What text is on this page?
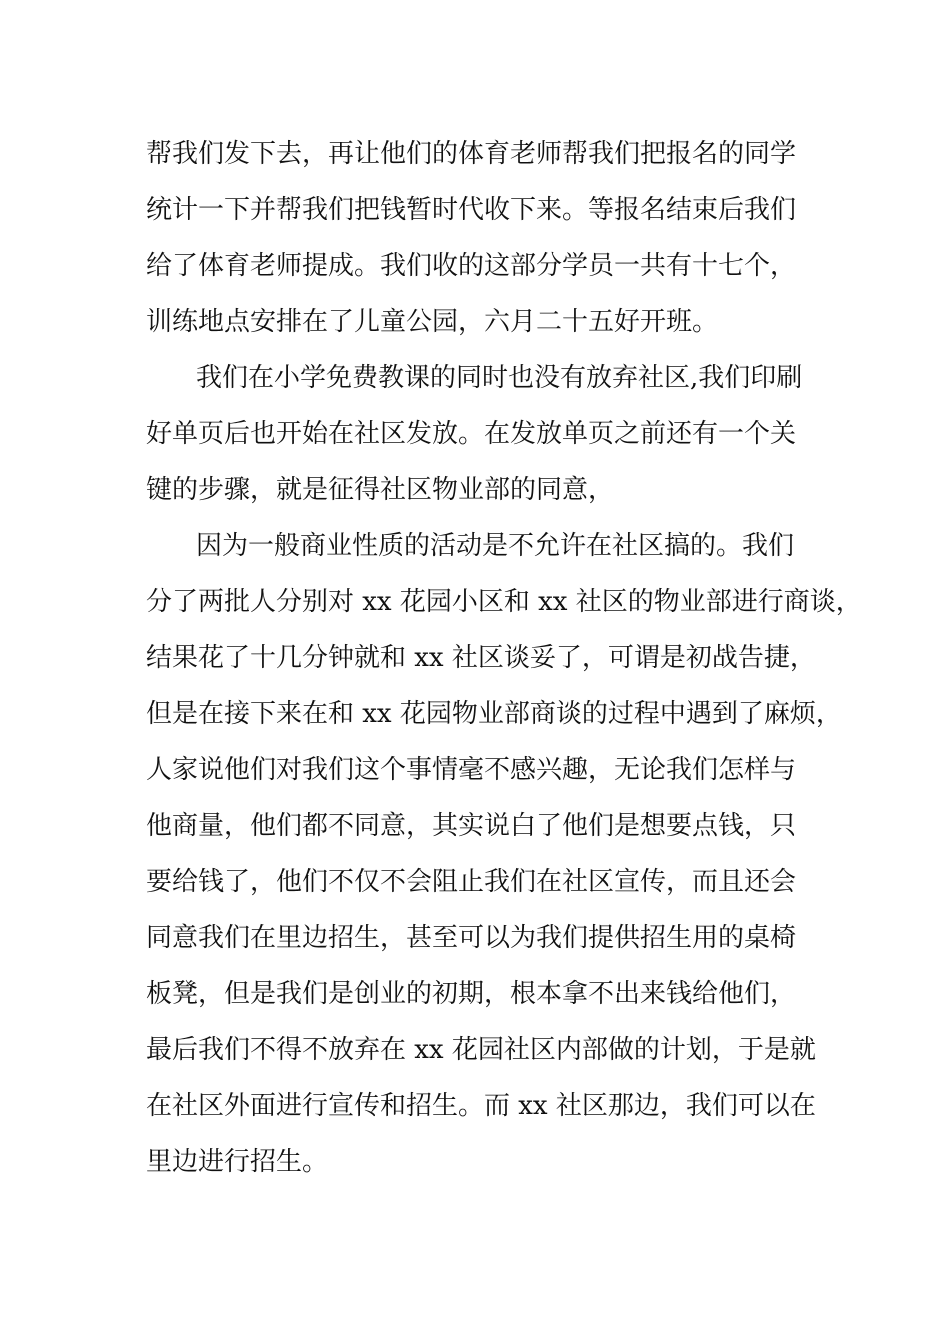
帮我们发下去，再让他们的体育老师帮我们把报名的同学
统计一下并帮我们把钱暂时代收下来。等报名结束后我们
给了体育老师提成。我们收的这部分学员一共有十七个，
训练地点安排在了儿童公园，六月二十五好开班。
我们在小学免费教课的同时也没有放弃社区,我们印刷
好单页后也开始在社区发放。在发放单页之前还有一个关
键的步骤，就是征得社区物业部的同意，
因为一般商业性质的活动是不允许在社区搞的。我们
分了两批人分别对 xx 花园小区和 xx 社区的物业部进行商谈，
结果花了十几分钟就和 xx 社区谈妥了，可谓是初战告捷，
但是在接下来在和 xx 花园物业部商谈的过程中遇到了麻烦，
人家说他们对我们这个事情毫不感兴趣，无论我们怎样与
他商量，他们都不同意，其实说白了他们是想要点钱，只
要给钱了，他们不仅不会阻止我们在社区宣传，而且还会
同意我们在里边招生，甚至可以为我们提供招生用的桌椅
板凳，但是我们是创业的初期，根本拿不出来钱给他们，
最后我们不得不放弃在 xx 花园社区内部做的计划，于是就
在社区外面进行宣传和招生。而 xx 社区那边，我们可以在
里边进行招生。
